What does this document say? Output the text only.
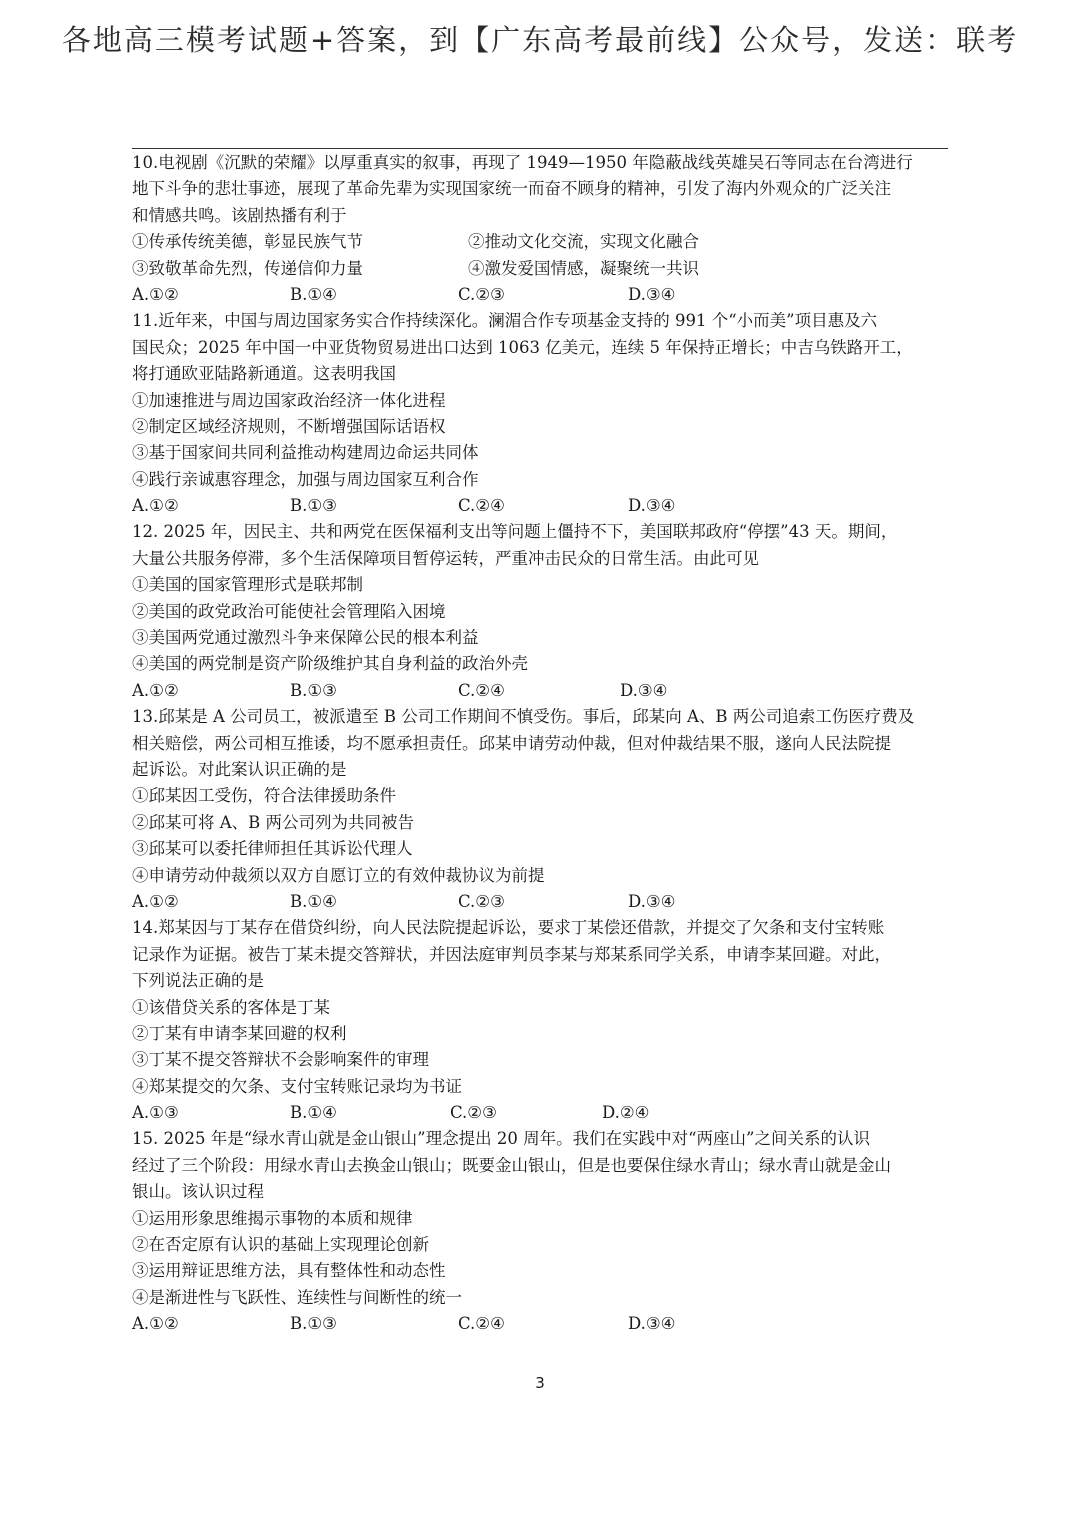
各地高三模考试题+答案，到【广东高考最前线】公众号，发送：联考
10.电视剧《沉默的荣耀》以厚重真实的叙事，再现了 1949—1950 年隐蔽战线英雄吴石等同志在台湾进行
地下斗争的悲壮事迹，展现了革命先辈为实现国家统一而奋不顾身的精神，引发了海内外观众的广泛关注
和情感共鸣。该剧热播有利于
①传承传统美德，彰显民族气节	②推动文化交流，实现文化融合
③致敬革命先烈，传递信仰力量	④激发爱国情感，凝聚统一共识
A.①②	B.①④	C.②③	D.③④
11.近年来，中国与周边国家务实合作持续深化。澜湄合作专项基金支持的 991 个“小而美”项目惠及六
国民众；2025 年中国一中亚货物贸易进出口达到 1063 亿美元，连续 5 年保持正增长；中吉乌铁路开工，
将打通欧亚陆路新通道。这表明我国
①加速推进与周边国家政治经济一体化进程
②制定区域经济规则，不断增强国际话语权
③基于国家间共同利益推动构建周边命运共同体
④践行亲诚惠容理念，加强与周边国家互利合作
A.①②	B.①③	C.②④	D.③④
12. 2025 年，因民主、共和两党在医保福利支出等问题上僵持不下，美国联邦政府“停摆”43 天。期间，
大量公共服务停滞，多个生活保障项目暂停运转，严重冲击民众的日常生活。由此可见
①美国的国家管理形式是联邦制
②美国的政党政治可能使社会管理陷入困境
③美国两党通过激烈斗争来保障公民的根本利益
④美国的两党制是资产阶级维护其自身利益的政治外壳
A.①②	B.①③	C.②④	D.③④
13.邱某是 A 公司员工，被派遣至 B 公司工作期间不慎受伤。事后，邱某向 A、B 两公司追索工伤医疗费及
相关赔偿，两公司相互推诿，均不愿承担责任。邱某申请劳动仲裁，但对仲裁结果不服，遂向人民法院提
起诉讼。对此案认识正确的是
①邱某因工受伤，符合法律援助条件
②邱某可将 A、B 两公司列为共同被告
③邱某可以委托律师担任其诉讼代理人
④申请劳动仲裁须以双方自愿订立的有效仲裁协议为前提
A.①②	B.①④	C.②③	D.③④
14.郑某因与丁某存在借贷纠纷，向人民法院提起诉讼，要求丁某偿还借款，并提交了欠条和支付宝转账
记录作为证据。被告丁某未提交答辩状，并因法庭审判员李某与郑某系同学关系，申请李某回避。对此，
下列说法正确的是
①该借贷关系的客体是丁某
②丁某有申请李某回避的权利
③丁某不提交答辩状不会影响案件的审理
④郑某提交的欠条、支付宝转账记录均为书证
A.①③	B.①④	C.②③	D.②④
15. 2025 年是“绿水青山就是金山银山”理念提出 20 周年。我们在实践中对“两座山”之间关系的认识
经过了三个阶段：用绿水青山去换金山银山；既要金山银山，但是也要保住绿水青山；绿水青山就是金山
银山。该认识过程
①运用形象思维揭示事物的本质和规律
②在否定原有认识的基础上实现理论创新
③运用辩证思维方法，具有整体性和动态性
④是渐进性与飞跃性、连续性与间断性的统一
A.①②	B.①③	C.②④	D.③④
3
